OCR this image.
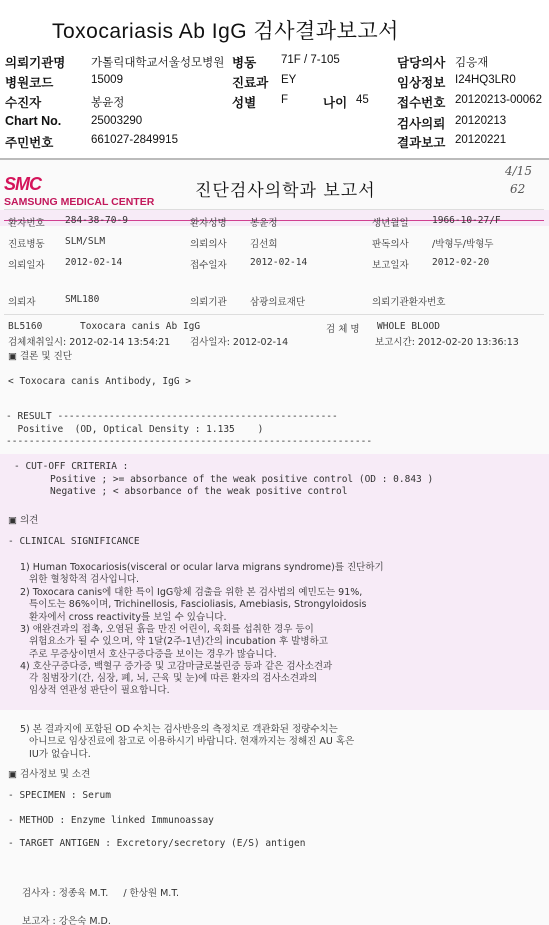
Toxocariasis Ab IgG 검사결과보고서
의뢰기관명 가톨릭대학교서울성모병원 병동 71F / 7-105	담당의사 김응재
병원코드	15009	진료과 EY	임상정보 I24HQ3LR0
수진자	봉윤정	성별 F	나이 45 접수번호 20120213-00062
Chart No.	25003290	검사의뢰 20120213
주민번호	661027-2849915	결과보고 20120221
SMC
SAMSUNG MEDICAL CENTER
진단검사의학과 보고서
4/15
62
환자번호 284-38-70-9	환자성명 봉윤정	생년월일 1966-10-27/F
진료병동 SLM/SLM	의뢰의사 김선희	판독의사 /박형두/박형두
의뢰일자 2012-02-14	접수일자 2012-02-14	보고일자 2012-02-20
의뢰자	SML180	의뢰기관 삼광의료재단	의뢰기관환자번호
BL5160	Toxocara canis Ab IgG	검 체 명 WHOLE BLOOD
검체채취일시: 2012-02-14 13:54:21 검사일자: 2012-02-14	보고시간: 2012-02-20 13:36:13
▣ 결론 및 진단
< Toxocara canis Antibody, IgG >
- RESULT -------------------------------------------------
Positive  (OD, Optical Density : 1.135    )
----------------------------------------------------------------
- CUT-OFF CRITERIA :
Positive ; >= absorbance of the weak positive control (OD : 0.843 )
Negative ; < absorbance of the weak positive control
▣ 의견
- CLINICAL SIGNIFICANCE
1) Human Toxocariosis(visceral or ocular larva migrans syndrome)를 진단하기
위한 혈청학적 검사입니다.
2) Toxocara canis에 대한 특이 IgG항체 검출을 위한 본 검사법의 예민도는 91%,
특이도는 86%이며, Trichinellosis, Fascioliasis, Amebiasis, Strongyloidosis
환자에서 cross reactivity를 보일 수 있습니다.
3) 애완견과의 접촉, 오염된 흙을 만진 어린이, 육회를 섭취한 경우 등이
위험요소가 될 수 있으며, 약 1달(2주-1년)간의 incubation 후 발병하고
주로 무증상이면서 호산구증다증을 보이는 경우가 많습니다.
4) 호산구증다증, 백혈구 증가증 및 고감마글로불린증 등과 같은 검사소견과
각 침범장기(간, 심장, 폐, 뇌, 근육 및 눈)에 따른 환자의 검사소견과의
임상적 연관성 판단이 필요합니다.
5) 본 결과지에 포함된 OD 수치는 검사반응의 측정치로 객관화된 정량수치는
아니므로 임상진료에 참고로 이용하시기 바랍니다. 현재까지는 정해진 AU 혹은
IU가 없습니다.
▣ 검사정보 및 소견
- SPECIMEN : Serum
- METHOD : Enzyme linked Immunoassay
- TARGET ANTIGEN : Excretory/secretory (E/S) antigen
검사자 : 정종육 M.T.     / 한상원 M.T.
보고자 : 강은숙 M.D.
